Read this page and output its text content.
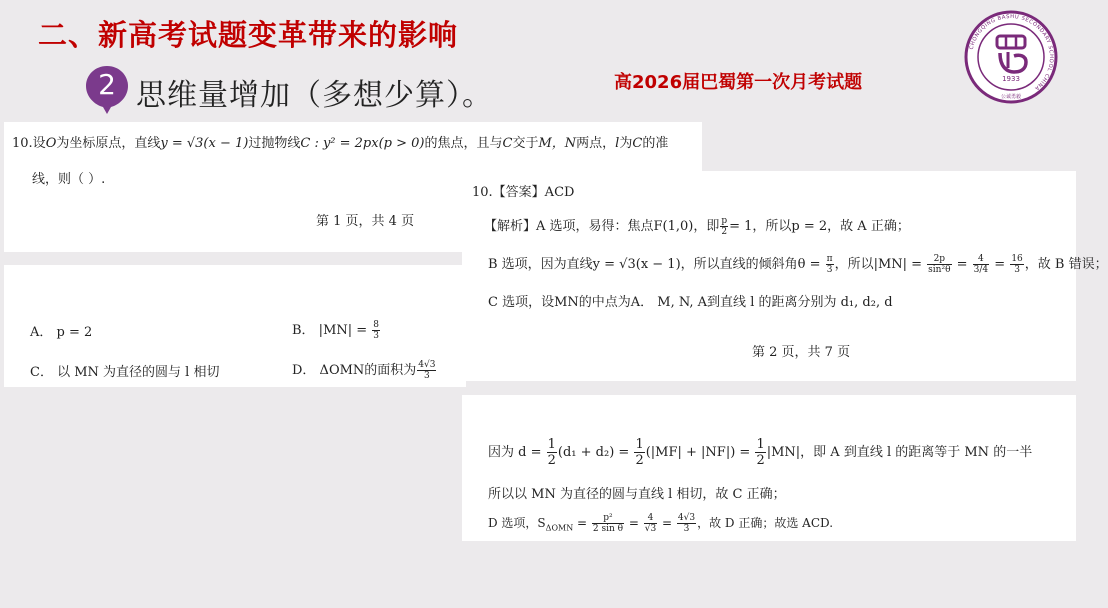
二、新高考试题变革带来的影响
2 思维量增加（多想少算）。	高2026届巴蜀第一次月考试题
CHONGQING BASHU SECONDARY SCHOOL CHINA
1933
公诚勇毅
10.设O为坐标原点，直线y = √3(x − 1)过抛物线C : y² = 2px(p > 0)的焦点，且与C交于M，N两点，l为C的准
线，则（ ）.
第 1 页，共 4 页
A． p = 2	B． $|MN| = \frac{8}{3}$
C． 以 MN 为直径的圆与 l 相切	D． ΔOMN的面积为 $\frac{4√3}{3}$
10.【答案】ACD
【解析】A 选项，易得：焦点F(1,0)，即 $\frac{p}{2} = 1$，所以p = 2，故 A 正确；
B 选项，因为直线y = √3(x − 1)，所以直线的倾斜角$\theta = \frac{\pi}{3}$ ，所以$|MN| = \frac{2p}{\text{sin²θ}} = \frac{4}{3/4} = \frac{16}{3}$ ，故 B 错误；
C 选项，设MN的中点为A． M, N, A到直线 l 的距离分别为 d₁, d₂, d
第 2 页，共 7 页
因为 $d = \frac{1}{2} (d_1 + d_2) = \frac{1}{2} (|MF| + |NF|) = \frac{1}{2} |MN|$，即 A 到直线 l 的距离等于 MN 的一半
所以以 MN 为直径的圆与直线 l 相切，故 C 正确；
D 选项，$S_{\Delta OMN} = \frac{\text{p²}}{\text{2 sin θ}} = \frac{4}{√3} = \frac{4√3}{3}$ ，故 D 正确；故选 ACD.
